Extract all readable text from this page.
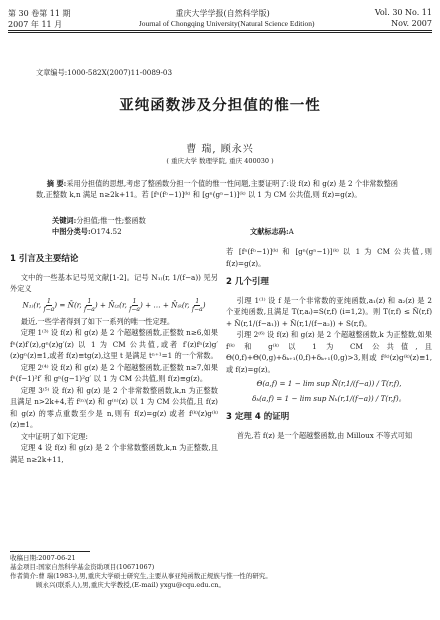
第 30 卷第 11 期	重庆大学学报(自然科学版)	Vol. 30 No. 11
2007 年 11 月	Journal of Chongqing University(Natural Science Edition)	Nov. 2007
文章编号:1000-582X(2007)11-0089-03
亚纯函数涉及分担值的惟一性
曹 瑞, 顾永兴
( 重庆大学 数理学院, 重庆 400030 )
摘 要:采用分担值的思想,考虑了整函数分担一个值的惟一性问题,主要证明了:设 f(z) 和 g(z) 是 2 个非常数整函数,正整数 k,n 满足 n≥2k+11。若 [fⁿ(fⁿ−1)]⁽ᵏ⁾ 和 [gⁿ(gⁿ−1)]⁽ᵏ⁾ 以 1 为 CM 公共值,则 f(z)=g(z)。
关键词:分担值;惟一性;整函数
中图分类号:O174.52	文献标志码:A
1 引言及主要结论

文中的一些基本记号见文献[1-2]。记号 N₁₎(r, 1/(f−a)) 见另外定义

N₁₎(r, $\frac{1}{f-a}$ ) = N̄(r, $\frac{1}{f-a}$ ) + N̄₍₂(r, $\frac{1}{f-a}$ ) + … + N̄₍ₖ(r, $\frac{1}{f-a}$ )

最近,一些学者得到了如下一系列的唯一性定理。

定理 1⁽³⁾ 设 f(z) 和 g(z) 是 2 个超越整函数,正整数 n≥6,如果 fⁿ(z)f′(z),gⁿ(z)g′(z) 以 1 为 CM 公共值,或者 f′(z)fⁿ(z)g′(z)gⁿ(z)≡1,或者 f(z)≡tg(z),这里 t 是满足 tⁿ⁺¹=1 的一个常数。

定理 2⁽⁴⁾ 设 f(z) 和 g(z) 是 2 个超越整函数,正整数 n≥7,如果 fⁿ(f−1)²f′ 和 gⁿ(g−1)²g′ 以 1 为 CM 公共值,则 f(z)≡g(z)。

定理 3⁽⁵⁾ 设 f(z) 和 g(z) 是 2 个非常数整函数,k,n 为正整数且满足 n>2k+4,若 f⁽ⁿ⁾(z) 和 g⁽ⁿ⁾(z) 以 1 为 CM 公共值,且 f(z) 和 g(z) 的零点重数至少是 n,则有 f(z)=g(z) 或者 f⁽ᵏ⁾(z)g⁽ᵏ⁾(z)≡1。

文中证明了如下定理:

定理 4 设 f(z) 和 g(z) 是 2 个非常数整函数,k,n 为正整数,且满足 n≥2k+11,

若 [fⁿ(fⁿ−1)]⁽ᵏ⁾ 和 [gⁿ(gⁿ−1)]⁽ᵏ⁾ 以 1 为 CM 公共值,则 f(z)=g(z)。

2 几个引理

引理 1⁽¹⁾ 设 f 是一个非常数的亚纯函数,a₁(z) 和 a₂(z) 是 2 个亚纯函数,且满足 T(r,aᵢ)=S(r,f) (i=1,2)。则 T(r,f) ≤ N̄(r,f) + N̄(r,1/(f−a₁)) + N̄(r,1/(f−a₂)) + S(r,f)。

引理 2⁽⁶⁾ 设 f(z) 和 g(z) 是 2 个超越整函数,k 为正整数,如果 f⁽ᵏ⁾ 和 g⁽ᵏ⁾ 以 1 为 CM 公共值,且 Θ(0,f)+Θ(0,g)+δₖ₊₁(0,f)+δₖ₊₁(0,g)>3,则或 f⁽ᵏ⁾(z)g⁽ᵏ⁾(z)≡1,或 f(z)=g(z)。

Θ(a,f) = 1 − lim sup N̄(r,1/(f−a)) / T(r,f),
δₖ(a,f) = 1 − lim sup Nₖ(r,1/(f−a)) / T(r,f)。
3 定理 4 的证明

首先,若 f(z) 是一个超越整函数,由 Milloux 不等式可知

收稿日期:2007-06-21
基金项目:国家自然科学基金资助项目(10671067)
作者简介:曹 瑞(1983-),男,重庆大学硕士研究生,主要从事亚纯函数正规族与惟一性的研究。
顾永兴(联系人),男,重庆大学教授,(E-mail) yxgu@cqu.edu.cn。
